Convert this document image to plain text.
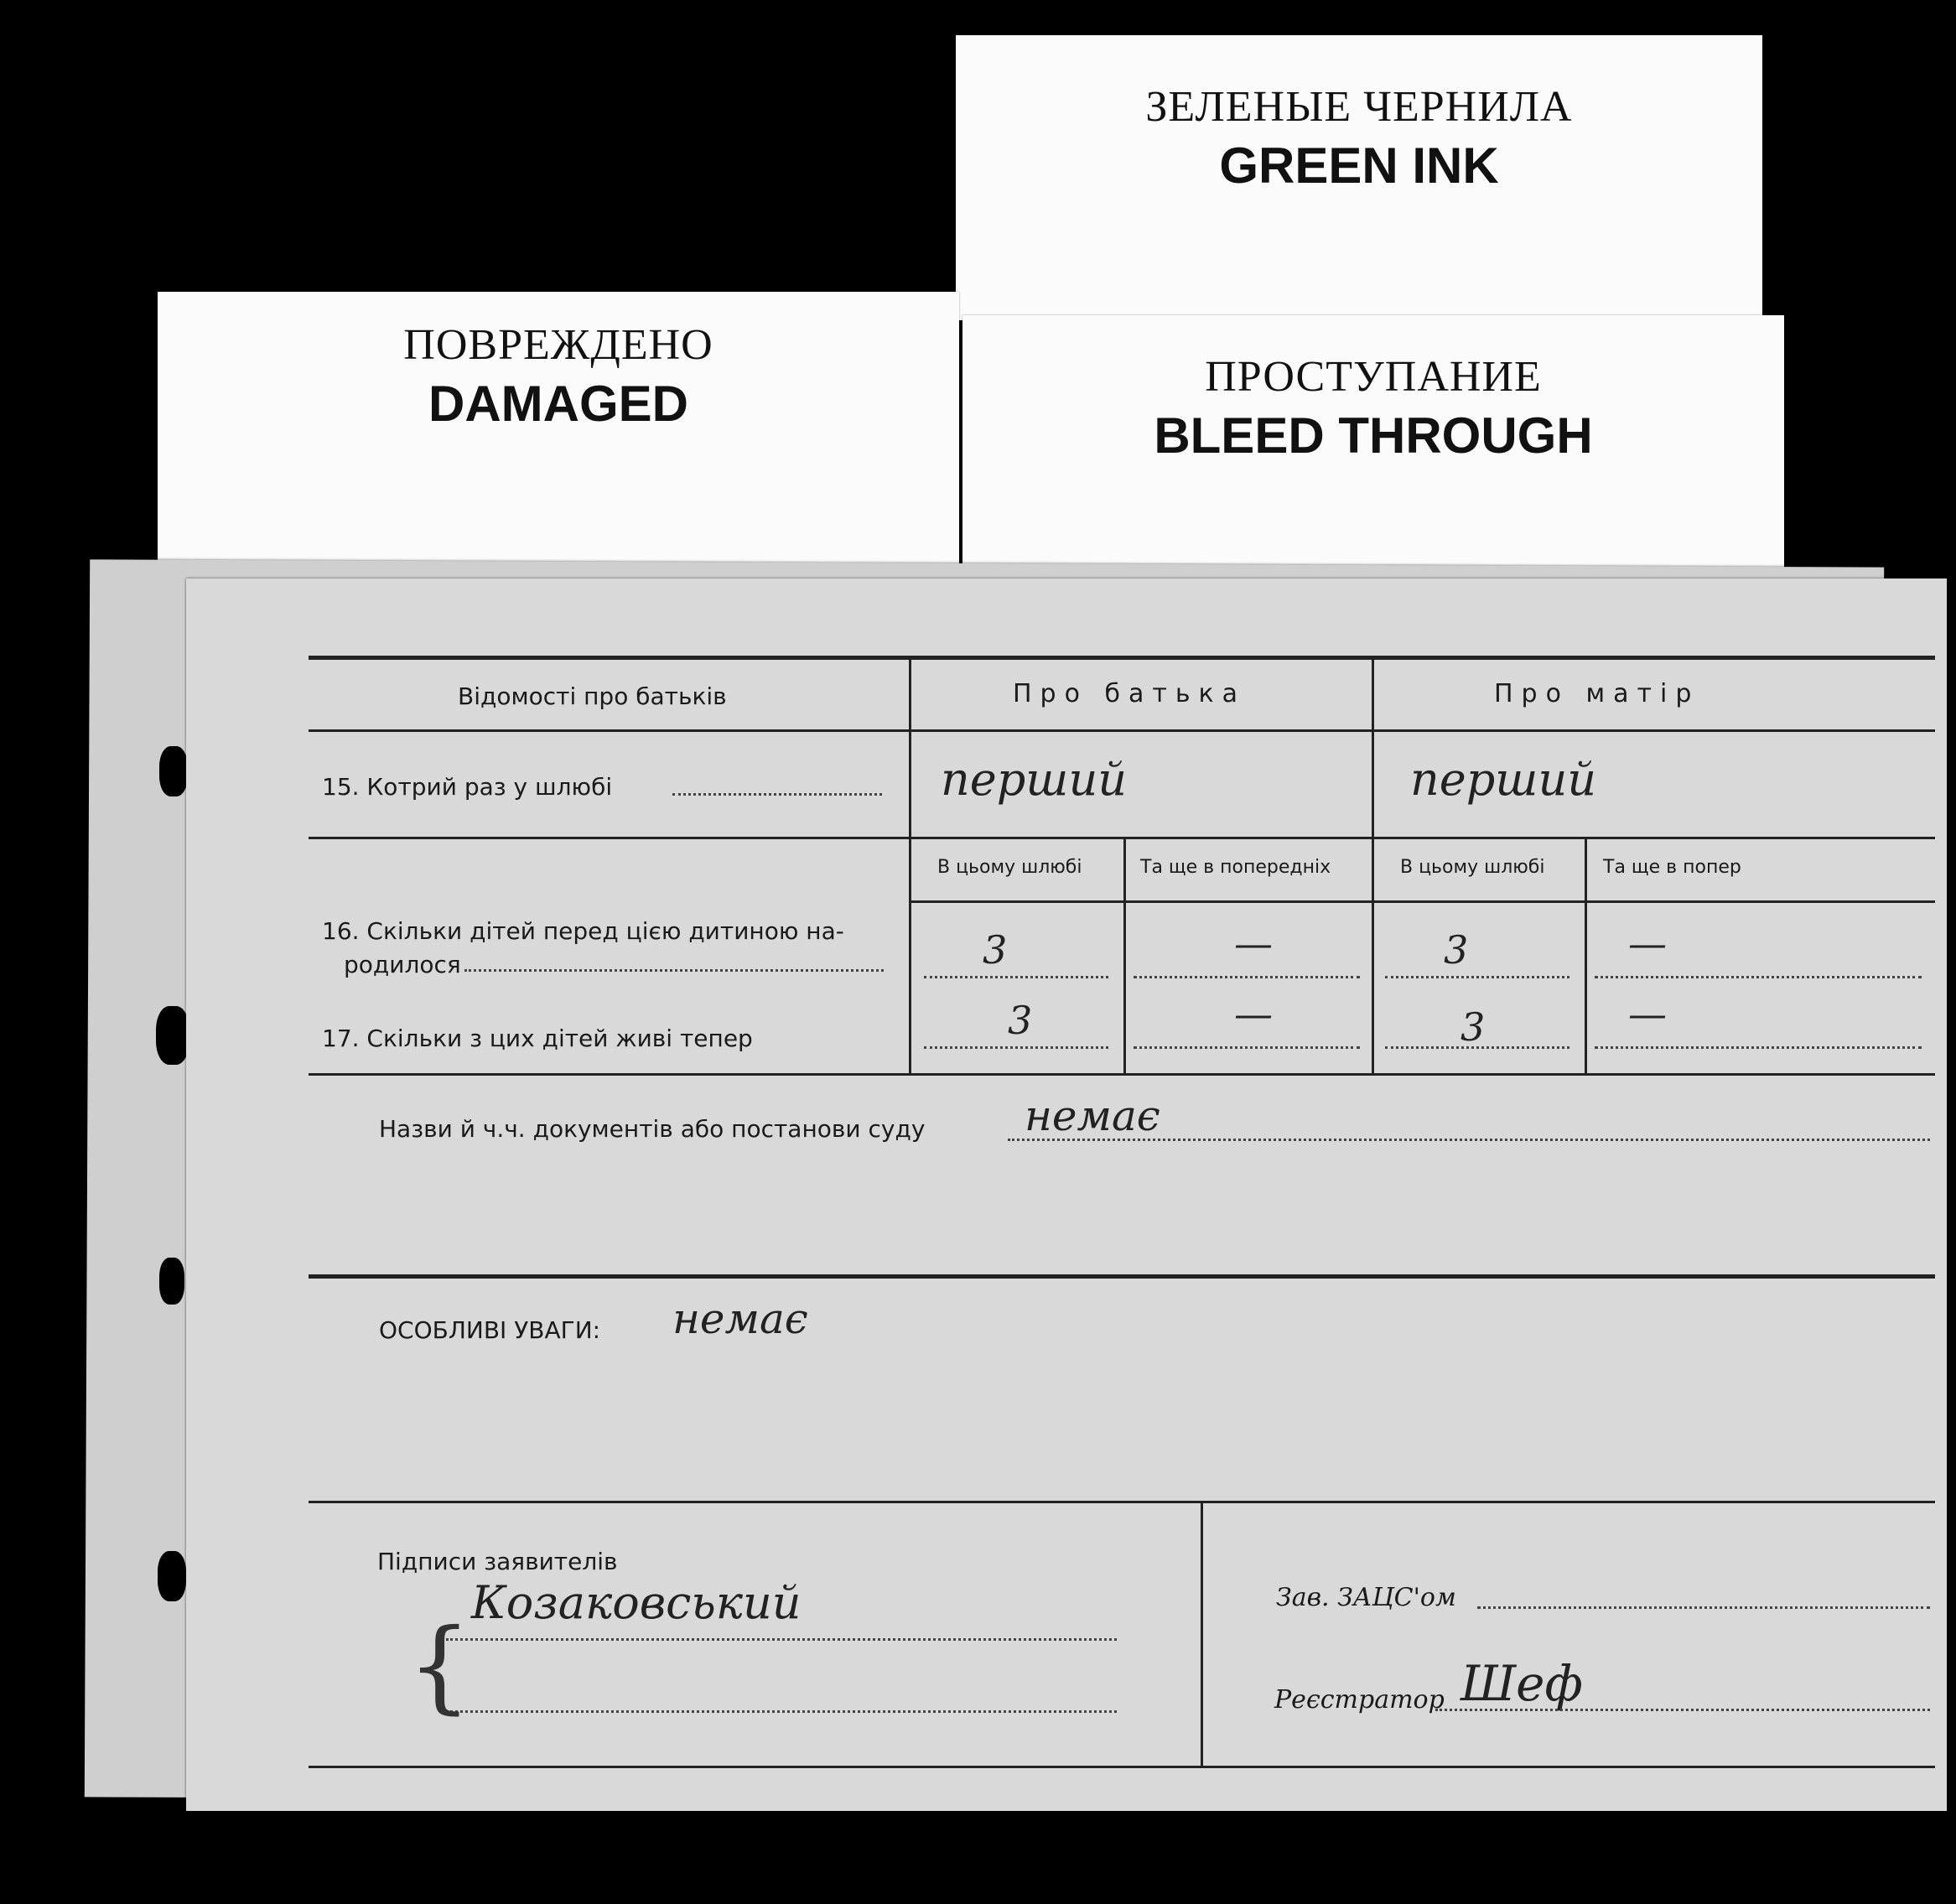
ЗЕЛЕНЫЕ ЧЕРНИЛА
GREEN INK
ПОВРЕЖДЕНО
DAMAGED	ПРОСТУПАНИЕ
BLEED THROUGH
Відомості про батьків	Про батька	Про матір
15. Котрий раз у шлюбі	перший	перший
В цьому шлюбі	Та ще в попередніх	В цьому шлюбі	Та ще в попер
16. Скільки дітей перед цією дитиною на-
родилося	3	—	3	—
17. Скільки з цих дітей живі тепер	3	—	3	—
Назви й ч.ч. документів або постанови суду немає
ОСОБЛИВІ УВАГИ: немає
Підписи заявителів
Козаковський
{
Зав. ЗАЦС'ом
Реєстратор Шеф
